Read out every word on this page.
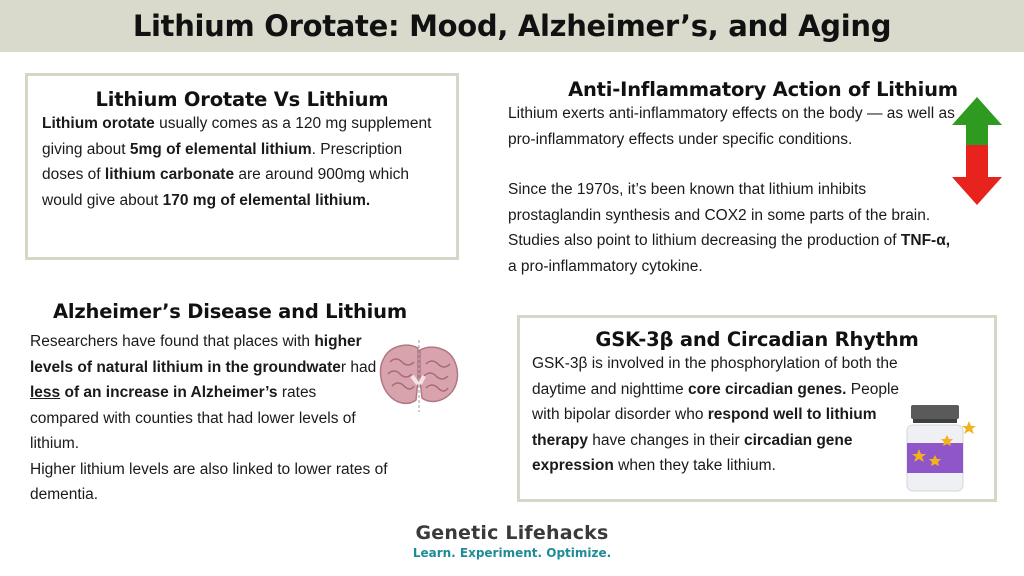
Lithium Orotate: Mood, Alzheimer’s, and Aging
Lithium Orotate Vs Lithium

Lithium orotate usually comes as a 120 mg supplement giving about 5mg of elemental lithium. Prescription doses of lithium carbonate are around 900mg which would give about 170 mg of elemental lithium.

Anti-Inflammatory Action of Lithium

Lithium exerts anti-inflammatory effects on the body — as well as pro-inflammatory effects under specific conditions.

Since the 1970s, it’s been known that lithium inhibits prostaglandin synthesis and COX2 in some parts of the brain. Studies also point to lithium decreasing the production of TNF-α, a pro-inflammatory cytokine.

Alzheimer’s Disease and Lithium

Researchers have found that places with higher levels of natural lithium in the groundwater had less of an increase in Alzheimer’s rates compared with counties that had lower levels of lithium.

Higher lithium levels are also linked to lower rates of dementia.

GSK-3β and Circadian Rhythm

GSK-3β is involved in the phosphorylation of both the daytime and nighttime core circadian genes. People with bipolar disorder who respond well to lithium therapy have changes in their circadian gene expression when they take lithium.

Genetic Lifehacks
Learn. Experiment. Optimize.
